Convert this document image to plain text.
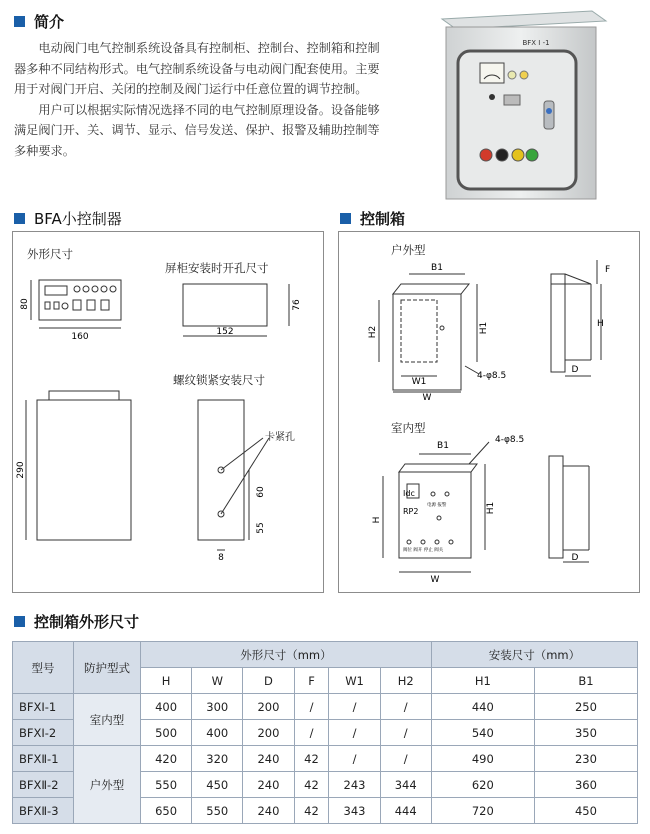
简介

电动阀门电气控制系统设备具有控制柜、控制台、控制箱和控制器多种不同结构形式。电气控制系统设备与电动阀门配套使用。主要用于对阀门开启、关闭的控制及阀门运行中任意位置的调节控制。

用户可以根据实际情况选择不同的电气控制原理设备。设备能够满足阀门开、关、调节、显示、信号发送、保护、报警及辅助控制等多种要求。

BFX I -1
BFA小控制器
外形尺寸
屏柜安装时开孔尺寸
螺纹锁紧安装尺寸
卡紧孔
80
160
76
152
290
60
55
8
控制箱
户外型
室内型
B1
H1
H2
W1
W
4-φ8.5
F
H
D
B1
4-φ8.5
H
H1
W
D
Idc
RP2
电源 报警
阀位 阀开 停止 阀关
控制箱外形尺寸
型号	防护型式	外形尺寸（mm）						安装尺寸（mm）	
		H	W	D	F	W1	H2	H1	B1
BFXⅠ-1	室内型	400	300	200	/	/	/	440	250
BFXⅠ-2		500	400	200	/	/	/	540	350
BFXⅡ-1	户外型	420	320	240	42	/	/	490	230
BFXⅡ-2		550	450	240	42	243	344	620	360
BFXⅡ-3		650	550	240	42	343	444	720	450
